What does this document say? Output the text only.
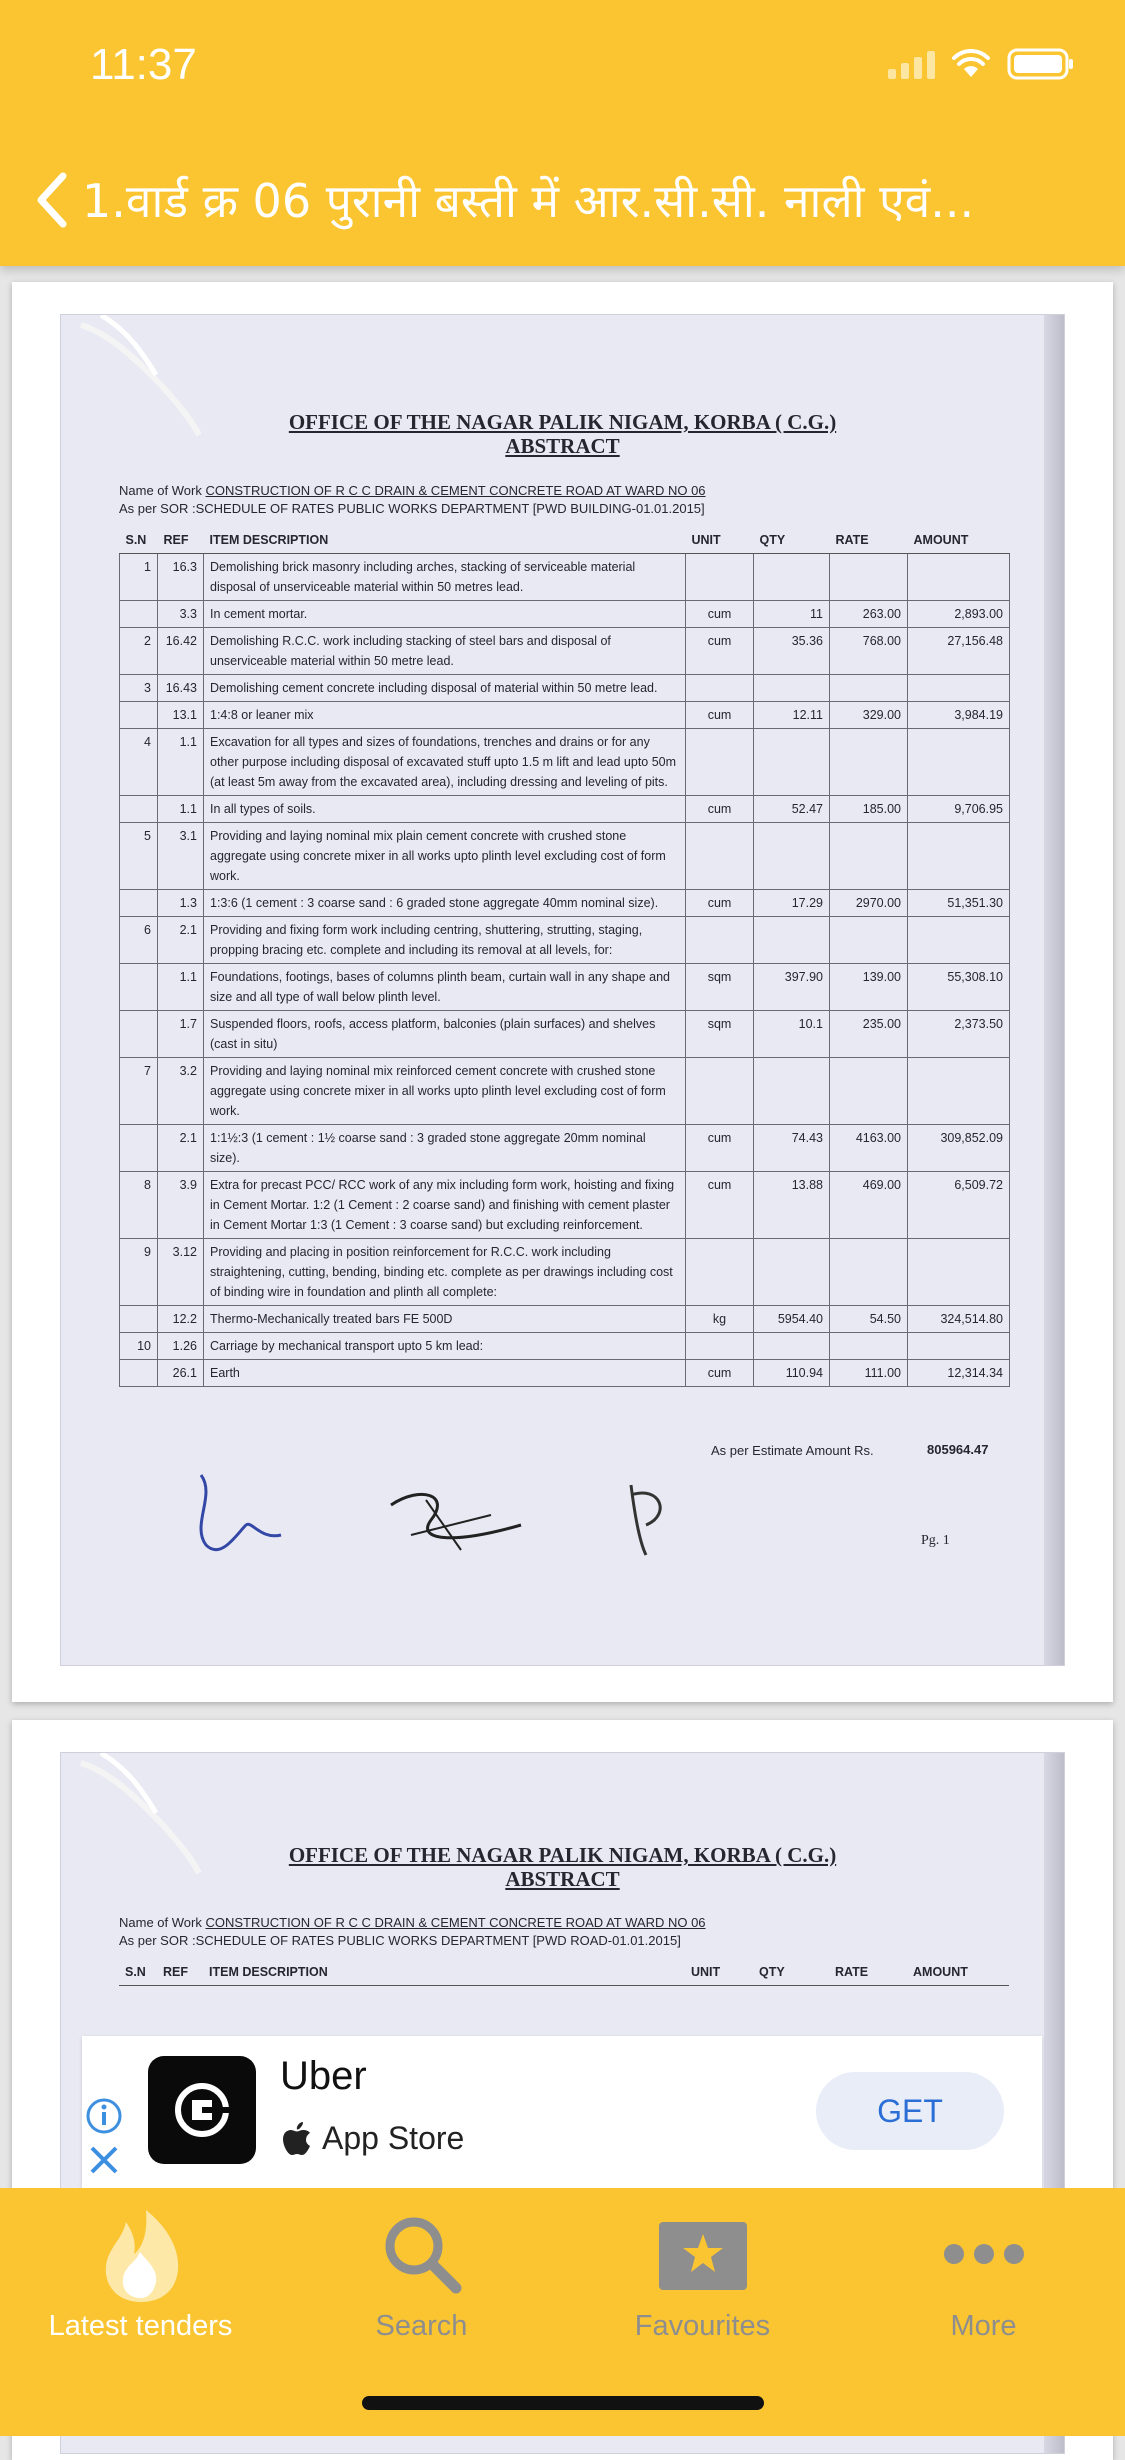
11:37
1.वार्ड क्र 06 पुरानी बस्ती में आर.सी.सी. नाली एवं...
OFFICE OF THE NAGAR PALIK NIGAM, KORBA ( C.G.)
ABSTRACT
Name of Work CONSTRUCTION OF R C C DRAIN & CEMENT CONCRETE ROAD AT WARD NO 06
As per SOR :SCHEDULE OF RATES PUBLIC WORKS DEPARTMENT [PWD BUILDING-01.01.2015]
S.N	REF	ITEM DESCRIPTION	UNIT	QTY	RATE	AMOUNT
1	16.3	Demolishing brick masonry including arches, stacking of serviceable material disposal of unserviceable material within 50 metres lead.				
	3.3	In cement mortar.	cum	11	263.00	2,893.00
2	16.42	Demolishing R.C.C. work including stacking of steel bars and disposal of unserviceable material within 50 metre lead.	cum	35.36	768.00	27,156.48
3	16.43	Demolishing cement concrete including disposal of material within 50 metre lead.				
	13.1	1:4:8 or leaner mix	cum	12.11	329.00	3,984.19
4	1.1	Excavation for all types and sizes of foundations, trenches and drains or for any other purpose including disposal of excavated stuff upto 1.5 m lift and lead upto 50m (at least 5m away from the excavated area), including dressing and leveling of pits.				
	1.1	In all types of soils.	cum	52.47	185.00	9,706.95
5	3.1	Providing and laying nominal mix plain cement concrete with crushed stone aggregate using concrete mixer in all works upto plinth level excluding cost of form work.				
	1.3	1:3:6 (1 cement : 3 coarse sand : 6 graded stone aggregate 40mm nominal size).	cum	17.29	2970.00	51,351.30
6	2.1	Providing and fixing form work including centring, shuttering, strutting, staging, propping bracing etc. complete and including its removal at all levels, for:				
	1.1	Foundations, footings, bases of columns plinth beam, curtain wall in any shape and size and all type of wall below plinth level.	sqm	397.90	139.00	55,308.10
	1.7	Suspended floors, roofs, access platform, balconies (plain surfaces) and shelves (cast in situ)	sqm	10.1	235.00	2,373.50
7	3.2	Providing and laying nominal mix reinforced cement concrete with crushed stone aggregate using concrete mixer in all works upto plinth level excluding cost of form work.				
	2.1	1:1½:3 (1 cement : 1½ coarse sand : 3 graded stone aggregate 20mm nominal size).	cum	74.43	4163.00	309,852.09
8	3.9	Extra for precast PCC/ RCC work of any mix including form work, hoisting and fixing in Cement Mortar. 1:2 (1 Cement : 2 coarse sand) and finishing with cement plaster in Cement Mortar 1:3 (1 Cement : 3 coarse sand) but excluding reinforcement.	cum	13.88	469.00	6,509.72
9	3.12	Providing and placing in position reinforcement for R.C.C. work including straightening, cutting, bending, binding etc. complete as per drawings including cost of binding wire in foundation and plinth all complete:				
	12.2	Thermo-Mechanically treated bars FE 500D	kg	5954.40	54.50	324,514.80
10	1.26	Carriage by mechanical transport upto 5 km lead:				
	26.1	Earth	cum	110.94	111.00	12,314.34
As per Estimate Amount Rs.	805964.47
Pg. 1
OFFICE OF THE NAGAR PALIK NIGAM, KORBA ( C.G.)
ABSTRACT
Name of Work CONSTRUCTION OF R C C DRAIN & CEMENT CONCRETE ROAD AT WARD NO 06
As per SOR :SCHEDULE OF RATES PUBLIC WORKS DEPARTMENT [PWD ROAD-01.01.2015]
S.N	REF	ITEM DESCRIPTION	UNIT	QTY	RATE	AMOUNT
Uber
App Store
GET
Latest tenders	Search	Favourites	More
